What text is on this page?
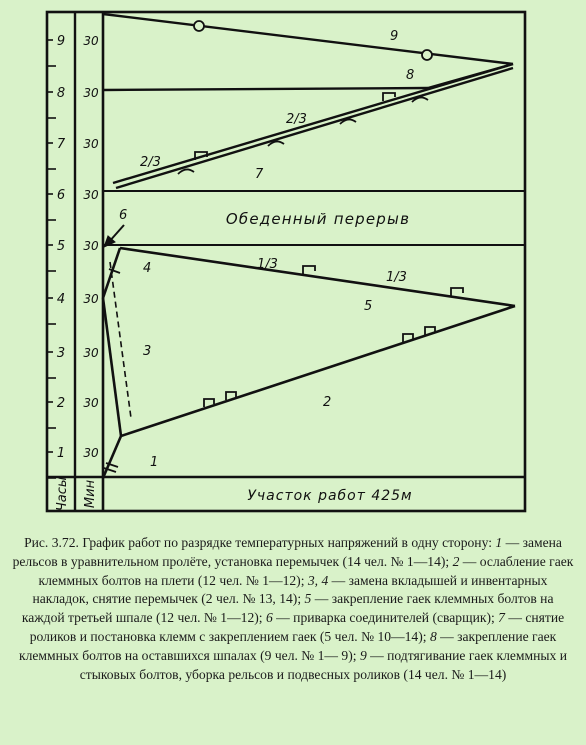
1 30
2 30
3 30
4 30
5 30
6 30
7 30
8 30
9 30
Часы Мин
Обеденный перерыв
Участок работ 425м
1
2
3
4
5
6
7
8
9
1/3
1/3
2/3
2/3
Рис. 3.72. График работ по разрядке температурных напряжений в одну сторону: 1 — замена рельсов в уравнительном пролёте, установка перемычек (14 чел. № 1—14); 2 — ослабление гаек клеммных болтов на плети (12 чел. № 1—12); 3, 4 — замена вкладышей и инвентарных накладок, снятие перемычек (2 чел. № 13, 14); 5 — закрепление гаек клеммных болтов на каждой третьей шпале (12 чел. № 1—12); 6 — приварка соединителей (сварщик); 7 — снятие роликов и постановка клемм с закреплением гаек (5 чел. № 10—14); 8 — закрепление гаек клеммных болтов на оставшихся шпалах (9 чел. № 1— 9); 9 — подтягивание гаек клеммных и стыковых болтов, уборка рельсов и подвесных роликов (14 чел. № 1—14)
